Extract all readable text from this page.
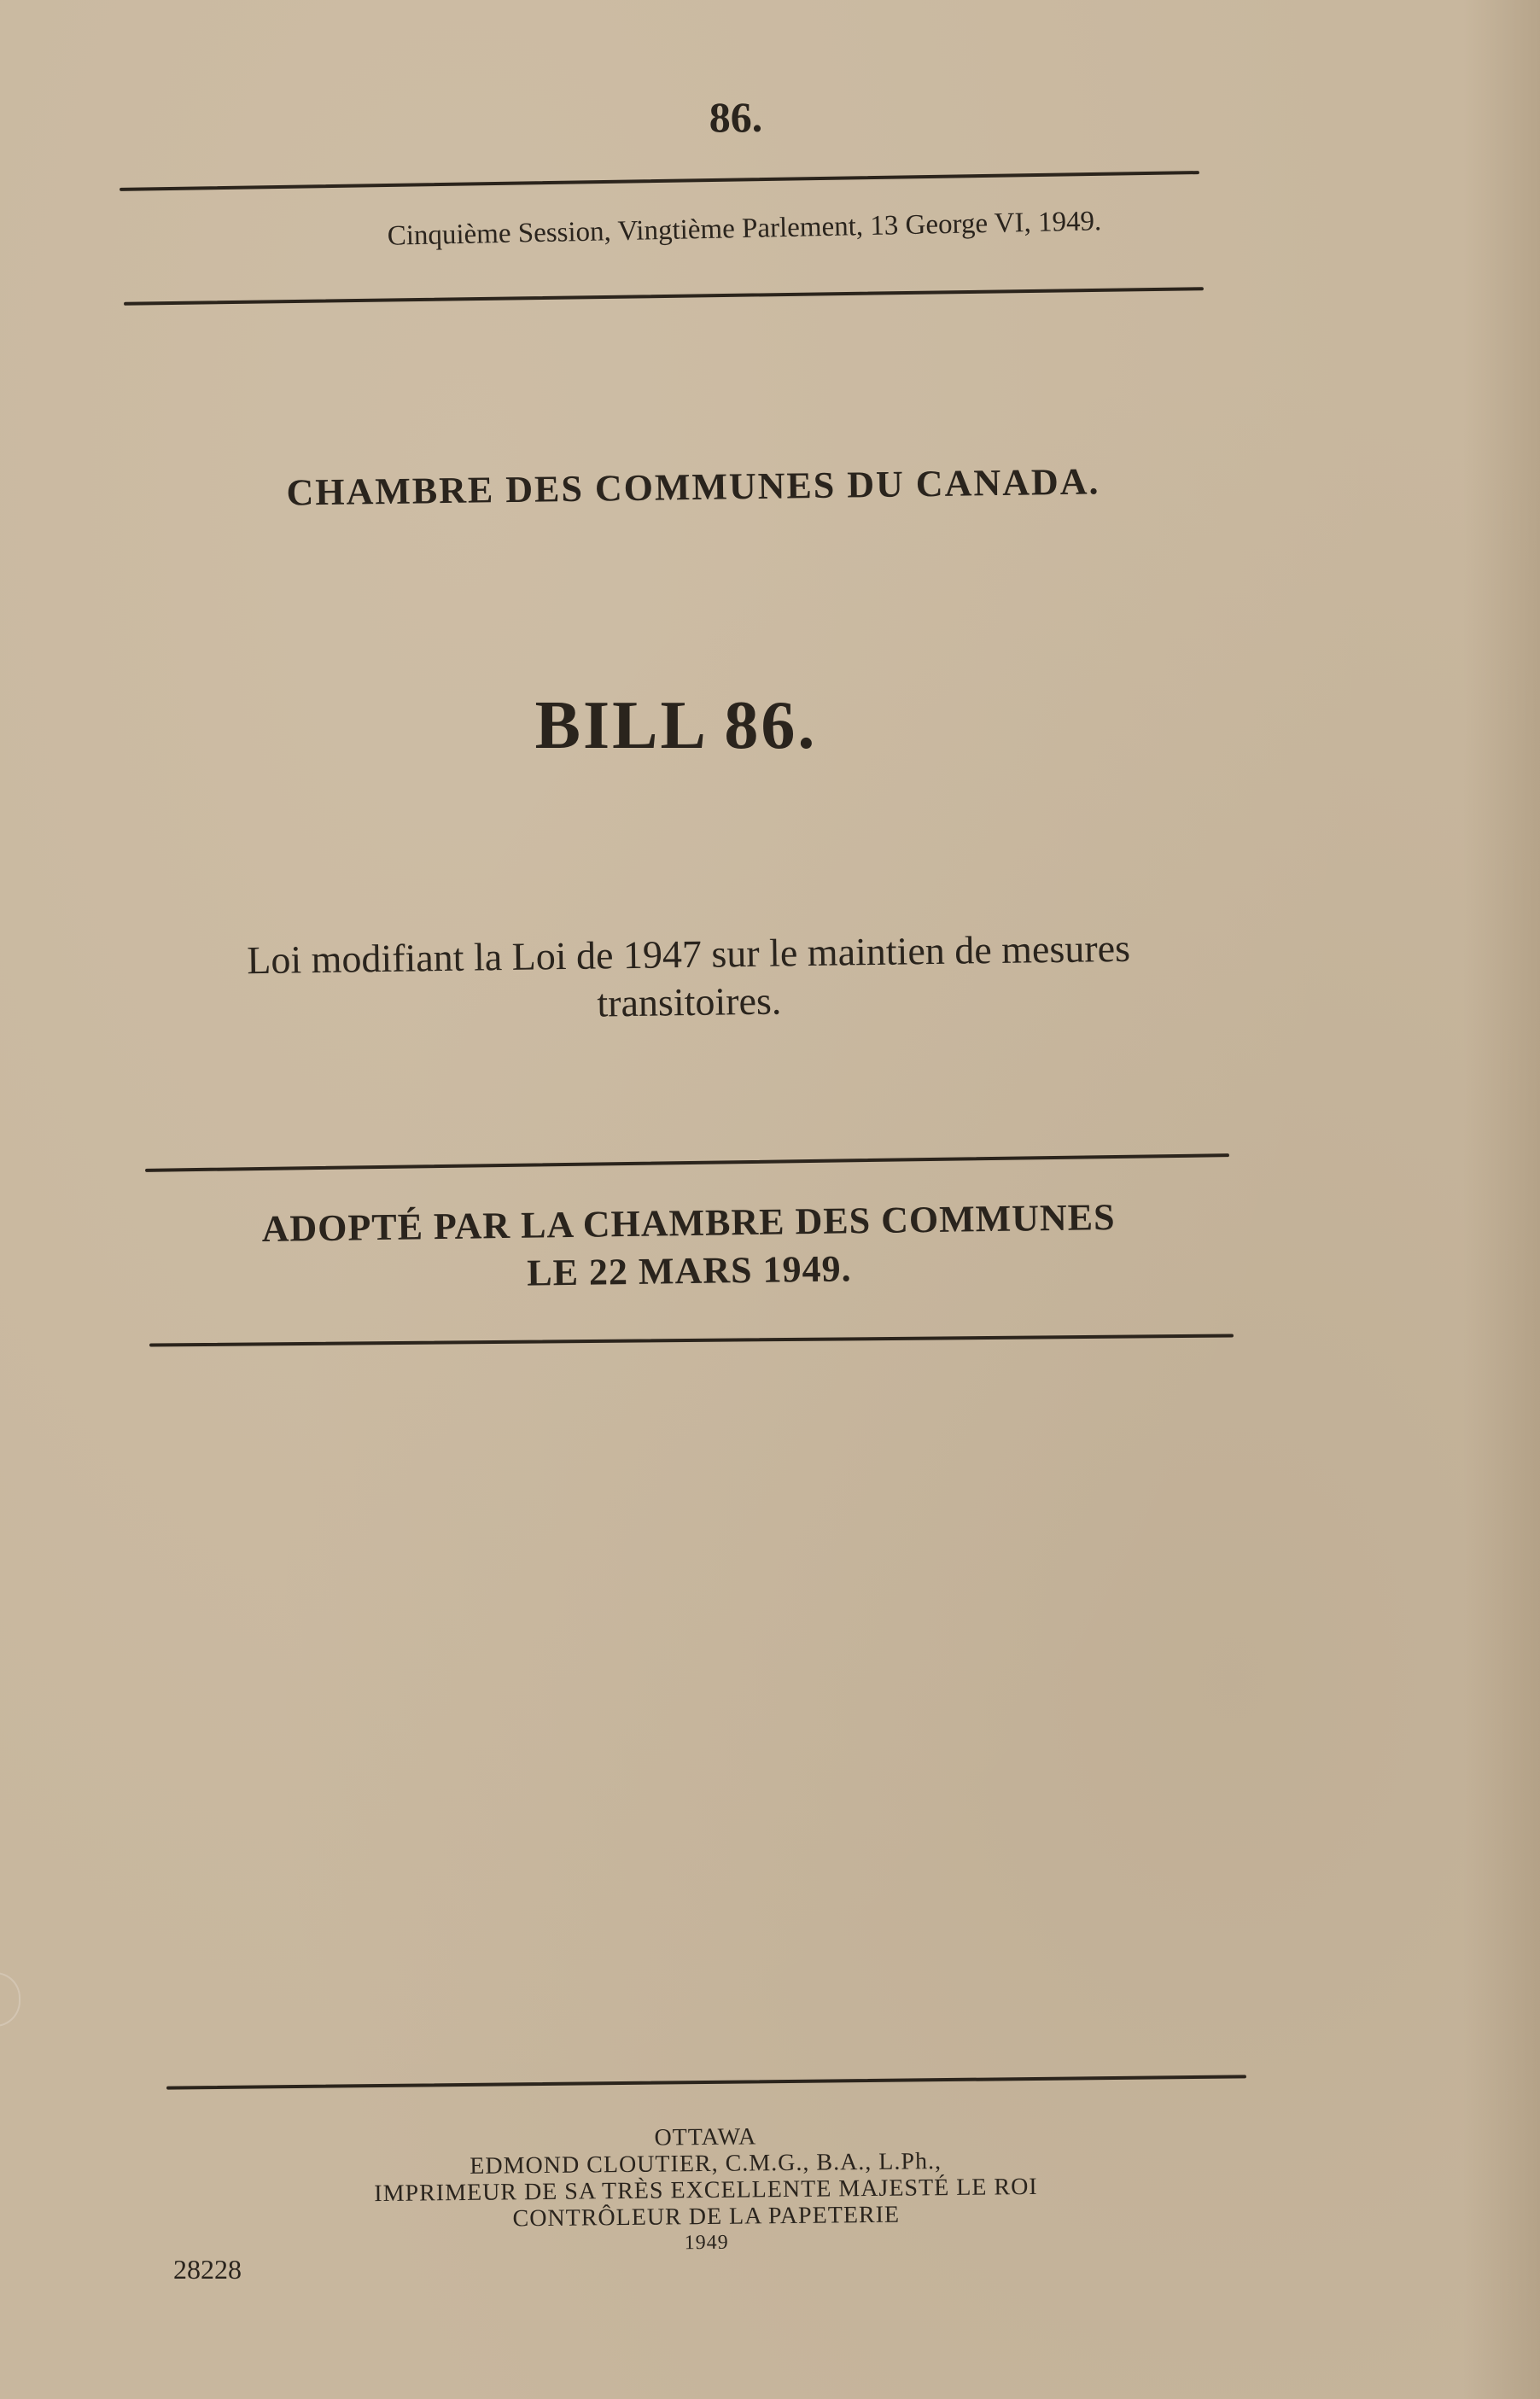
86.
Cinquième Session, Vingtième Parlement, 13 George VI, 1949.
CHAMBRE DES COMMUNES DU CANADA.
BILL 86.
Loi modifiant la Loi de 1947 sur le maintien de mesures
transitoires.
ADOPTÉ PAR LA CHAMBRE DES COMMUNES
LE 22 MARS 1949.
OTTAWA
EDMOND CLOUTIER, C.M.G., B.A., L.Ph.,
IMPRIMEUR DE SA TRÈS EXCELLENTE MAJESTÉ LE ROI
CONTRÔLEUR DE LA PAPETERIE
1949
28228
